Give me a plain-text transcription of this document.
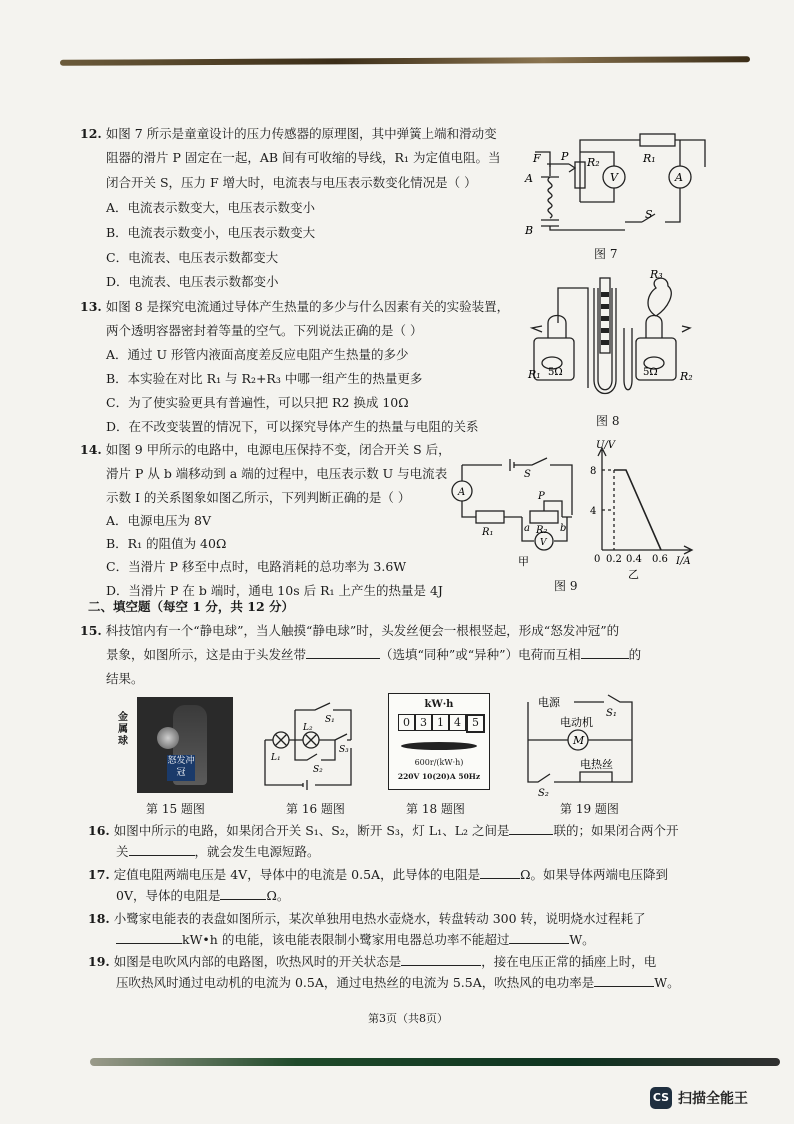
12. 如图 7 所示是童童设计的压力传感器的原理图，其中弹簧上端和滑动变
阻器的滑片 P 固定在一起，AB 间有可收缩的导线，R₁ 为定值电阻。当
闭合开关 S，压力 F 增大时，电流表与电压表示数变化情况是（ ）
A．电流表示数变大，电压表示数变小
B．电流表示数变小，电压表示数变大
C．电流表、电压表示数都变大
D．电流表、电压表示数都变小
F P
A
B
R₁
R₂
V	A
S
图 7
13. 如图 8 是探究电流通过导体产生热量的多少与什么因素有关的实验装置，
两个透明容器密封着等量的空气。下列说法正确的是（ ）
A．通过 U 形管内液面高度差反应电阻产生热量的多少
B．本实验在对比 R₁ 与 R₂+R₃ 中哪一组产生的热量更多
C．为了使实验更具有普遍性，可以只把 R2 换成 10Ω
D．在不改变装置的情况下，可以探究导体产生的热量与电阻的关系
R₁	R₂
R₃
5Ω	5Ω
图 8
14. 如图 9 甲所示的电路中，电源电压保持不变，闭合开关 S 后，
滑片 P 从 b 端移动到 a 端的过程中，电压表示数 U 与电流表
示数 I 的关系图象如图乙所示，下列判断正确的是（ ）
A．电源电压为 8V
B．R₁ 的阻值为 40Ω
C．当滑片 P 移至中点时，电路消耗的总功率为 3.6W
D．当滑片 P 在 b 端时，通电 10s 后 R₁ 上产生的热量是 4J
A
S
P
R₁	R₂
a	b
V
甲
U/V
I/A
8
4
0 0.2 0.4 0.6
乙
图 9
二、填空题（每空 1 分，共 12 分）
15. 科技馆内有一个“静电球”，当人触摸“静电球”时，头发丝便会一根根竖起，形成“怒发冲冠”的
景象，如图所示，这是由于头发丝带	（选填“同种”或“异种”）电荷而互相	的
结果。
怒发冲冠
金属球
S₁
S₃
S₂
L₁
L₂
kW·h
0 3 1 4	5
600r/(kW·h)
220V 10(20)A 50Hz
电源
S₁
电动机
M
电热丝
S₂
第 15 题图	第 16 题图	第 18 题图	第 19 题图
16. 如图中所示的电路，如果闭合开关 S₁、S₂，断开 S₃，灯 L₁、L₂ 之间是	联的；如果闭合两个开
关	，就会发生电源短路。
17. 定值电阻两端电压是 4V，导体中的电流是 0.5A，此导体的电阻是	Ω。如果导体两端电压降到
0V，导体的电阻是	Ω。
18. 小鹭家电能表的表盘如图所示，某次单独用电热水壶烧水，转盘转动 300 转，说明烧水过程耗了
kW•h 的电能，该电能表限制小鹭家用电器总功率不能超过	W。
19. 如图是电吹风内部的电路图，吹热风时的开关状态是	，接在电压正常的插座上时，电
压吹热风时通过电动机的电流为 0.5A，通过电热丝的电流为 5.5A，吹热风的电功率是	W。
第3页（共8页）
CS 扫描全能王
